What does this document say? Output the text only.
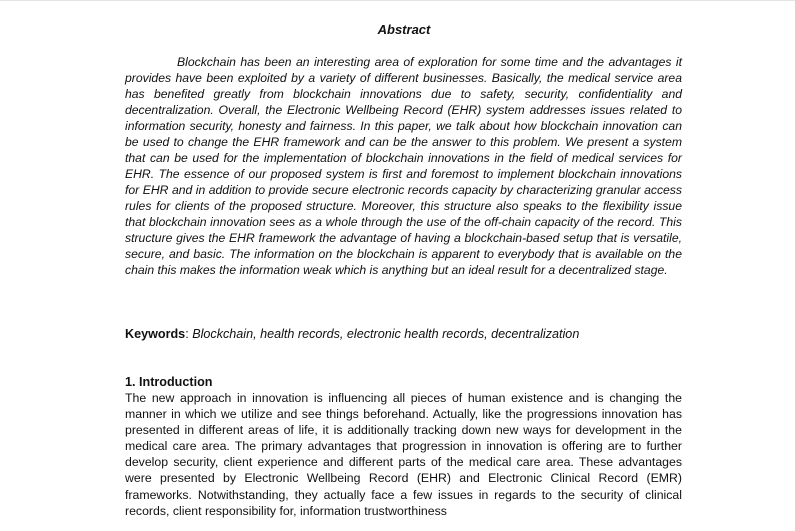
Abstract

Blockchain has been an interesting area of exploration for some time and the advantages it provides have been exploited by a variety of different businesses. Basically, the medical service area has benefited greatly from blockchain innovations due to safety, security, confidentiality and decentralization. Overall, the Electronic Wellbeing Record (EHR) system addresses issues related to information security, honesty and fairness. In this paper, we talk about how blockchain innovation can be used to change the EHR framework and can be the answer to this problem. We present a system that can be used for the implementation of blockchain innovations in the field of medical services for EHR. The essence of our proposed system is first and foremost to implement blockchain innovations for EHR and in addition to provide secure electronic records capacity by characterizing granular access rules for clients of the proposed structure. Moreover, this structure also speaks to the flexibility issue that blockchain innovation sees as a whole through the use of the off-chain capacity of the record. This structure gives the EHR framework the advantage of having a blockchain-based setup that is versatile, secure, and basic. The information on the blockchain is apparent to everybody that is available on the chain this makes the information weak which is anything but an ideal result for a decentralized stage.

Keywords: Blockchain, health records, electronic health records, decentralization

1. Introduction

The new approach in innovation is influencing all pieces of human existence and is changing the manner in which we utilize and see things beforehand. Actually, like the progressions innovation has presented in different areas of life, it is additionally tracking down new ways for development in the medical care area. The primary advantages that progression in innovation is offering are to further develop security, client experience and different parts of the medical care area. These advantages were presented by Electronic Wellbeing Record (EHR) and Electronic Clinical Record (EMR) frameworks. Notwithstanding, they actually face a few issues in regards to the security of clinical records, client responsibility for, information trustworthiness
